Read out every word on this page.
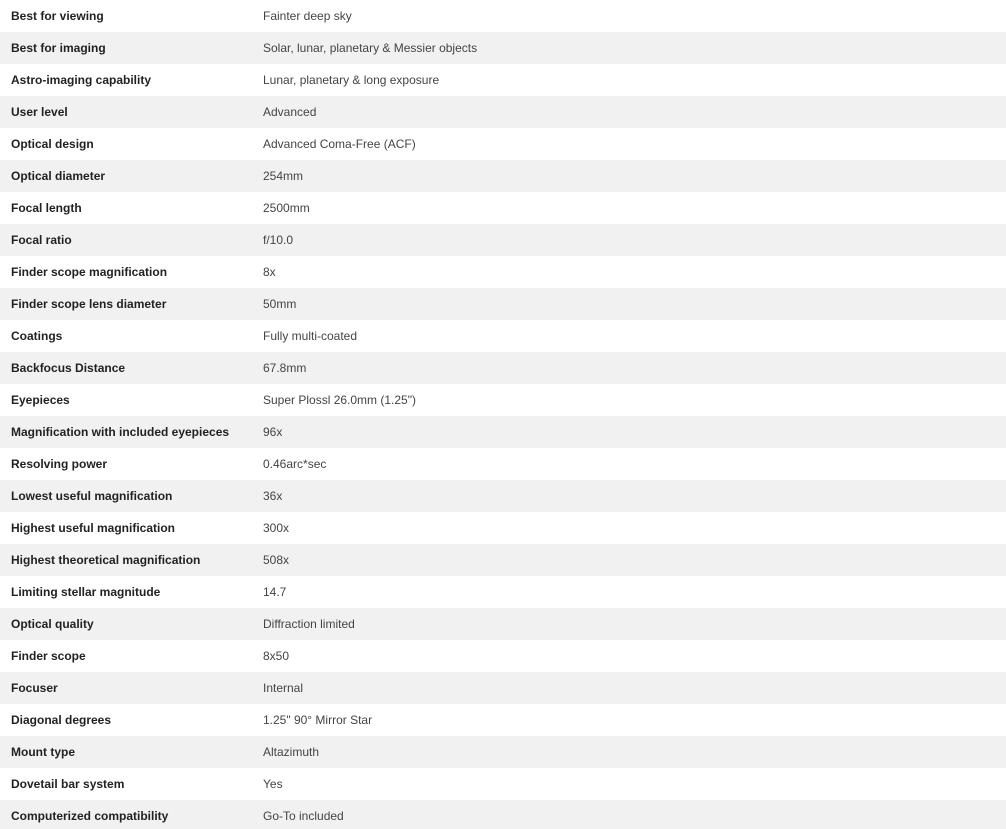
Best for viewing	Fainter deep sky
Best for imaging	Solar, lunar, planetary & Messier objects
Astro-imaging capability	Lunar, planetary & long exposure
User level	Advanced
Optical design	Advanced Coma-Free (ACF)
Optical diameter	254mm
Focal length	2500mm
Focal ratio	f/10.0
Finder scope magnification	8x
Finder scope lens diameter	50mm
Coatings	Fully multi-coated
Backfocus Distance	67.8mm
Eyepieces	Super Plossl 26.0mm (1.25")
Magnification with included eyepieces	96x
Resolving power	0.46arc*sec
Lowest useful magnification	36x
Highest useful magnification	300x
Highest theoretical magnification	508x
Limiting stellar magnitude	14.7
Optical quality	Diffraction limited
Finder scope	8x50
Focuser	Internal
Diagonal degrees	1.25" 90° Mirror Star
Mount type	Altazimuth
Dovetail bar system	Yes
Computerized compatibility	Go-To included
